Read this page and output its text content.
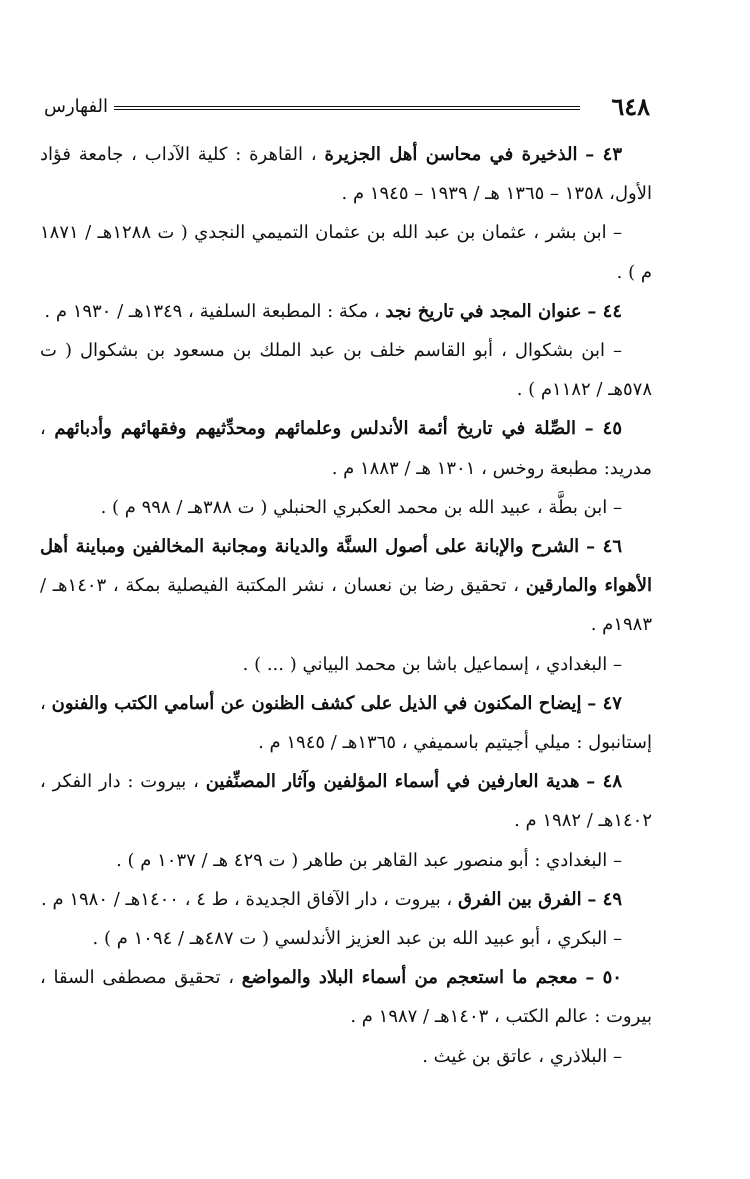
٦٤٨
الفهارس

٤٣ – الذخيرة في محاسن أهل الجزيرة ، القاهرة : كلية الآداب ، جامعة فؤاد الأول، ١٣٥٨ – ١٣٦٥ هـ / ١٩٣٩ – ١٩٤٥ م .

– ابن بشر ، عثمان بن عبد الله بن عثمان التميمي النجدي ( ت ١٢٨٨هـ / ١٨٧١ م ) .

٤٤ – عنوان المجد في تاريخ نجد ، مكة : المطبعة السلفية ، ١٣٤٩هـ / ١٩٣٠ م .

– ابن بشكوال ، أبو القاسم خلف بن عبد الملك بن مسعود بن بشكوال ( ت ٥٧٨هـ / ١١٨٢م ) .

٤٥ – الصِّلة في تاريخ أئمة الأندلس وعلمائهم ومحدِّثيهم وفقهائهم وأدبائهم ، مدريد: مطبعة روخس ، ١٣٠١ هـ / ١٨٨٣ م .

– ابن بطَّة ، عبيد الله بن محمد العكبري الحنبلي ( ت ٣٨٨هـ / ٩٩٨ م ) .

٤٦ – الشرح والإبانة على أصول السنَّة والديانة ومجانبة المخالفين ومباينة أهل الأهواء والمارقين ، تحقيق رضا بن نعسان ، نشر المكتبة الفيصلية بمكة ، ١٤٠٣هـ / ١٩٨٣م .

– البغدادي ، إسماعيل باشا بن محمد البياني ( ... ) .

٤٧ – إيضاح المكنون في الذيل على كشف الظنون عن أسامي الكتب والفنون ، إستانبول : ميلي أجيتيم باسميفي ، ١٣٦٥هـ / ١٩٤٥ م .

٤٨ – هدية العارفين في أسماء المؤلفين وآثار المصنِّفين ، بيروت : دار الفكر ، ١٤٠٢هـ / ١٩٨٢ م .

– البغدادي : أبو منصور عبد القاهر بن طاهر ( ت ٤٢٩ هـ / ١٠٣٧ م ) .

٤٩ – الفرق بين الفرق ، بيروت ، دار الآفاق الجديدة ، ط ٤ ، ١٤٠٠هـ / ١٩٨٠ م .

– البكري ، أبو عبيد الله بن عبد العزيز الأندلسي ( ت ٤٨٧هـ / ١٠٩٤ م ) .

٥٠ – معجم ما استعجم من أسماء البلاد والمواضع ، تحقيق مصطفى السقا ، بيروت : عالم الكتب ، ١٤٠٣هـ / ١٩٨٧ م .

– البلاذري ، عاتق بن غيث .
